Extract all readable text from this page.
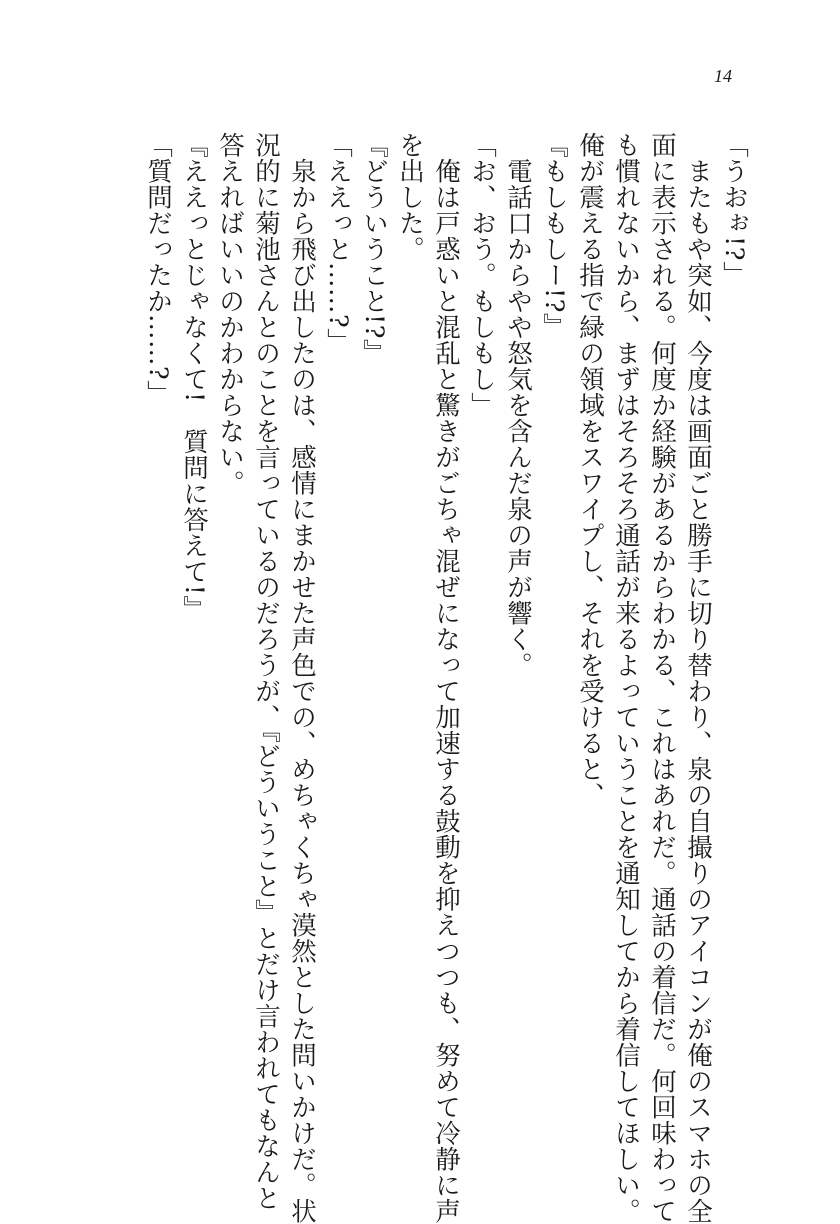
14
「うおぉ!?」
またもや突如、今度は画面ごと勝手に切り替わり、泉の自撮りのアイコンが俺のスマホの全
面に表示される。何度か経験があるからわかる、これはあれだ。通話の着信だ。何回味わって
も慣れないから、まずはそろそろ通話が来るよっていうことを通知してから着信してほしい。
俺が震える指で緑の領域をスワイプし、それを受けると、
『もしもしー!?』
電話口からやや怒気を含んだ泉の声が響く。
「お、おう。もしもし」
俺は戸惑いと混乱と驚きがごちゃ混ぜになって加速する鼓動を抑えつつも、努めて冷静に声
を出した。
『どういうこと!?』
「ええっと……?」
泉から飛び出したのは、感情にまかせた声色での、めちゃくちゃ漠然とした問いかけだ。状
況的に菊池さんとのことを言っているのだろうが、『どういうこと』とだけ言われてもなんと
答えればいいのかわからない。
『ええっとじゃなくて!　質問に答えて!』
「質問だったか……?」
